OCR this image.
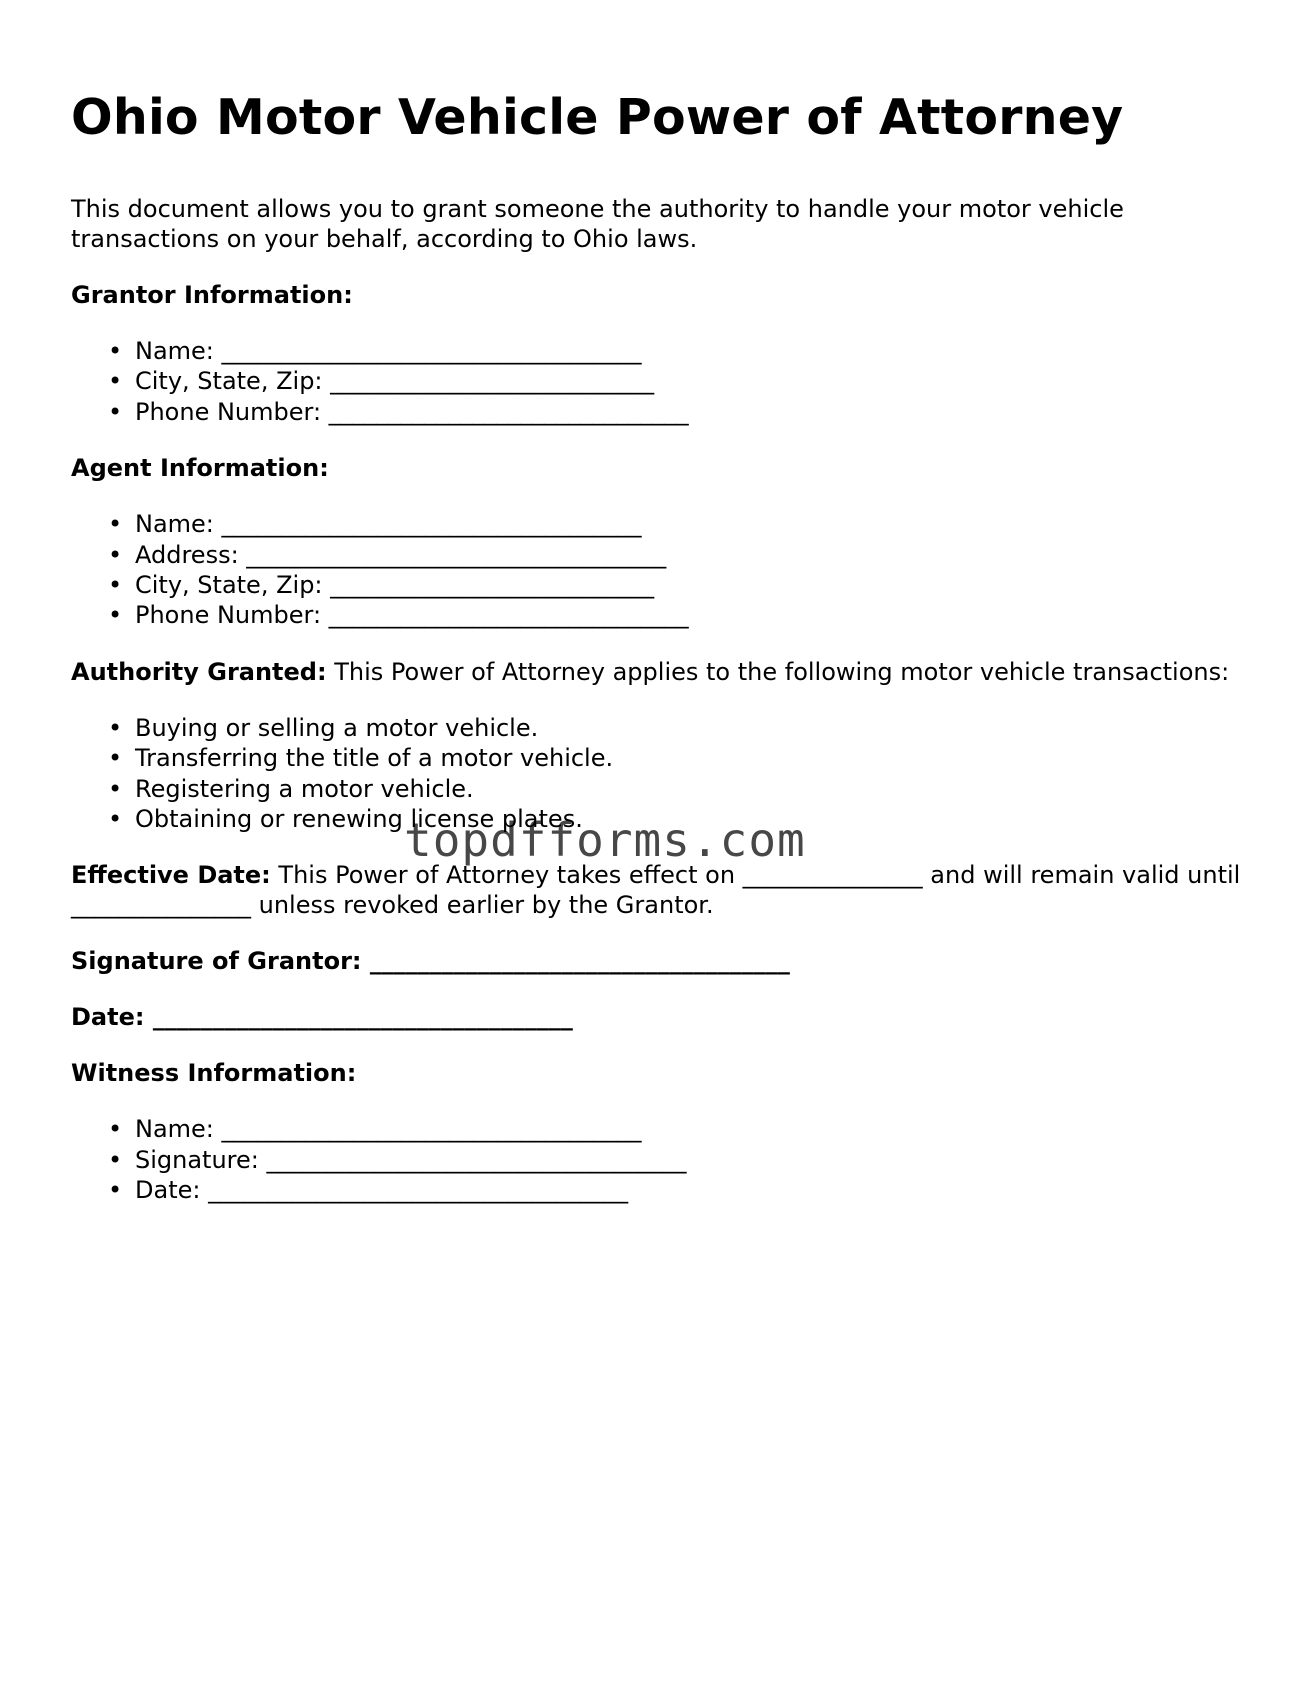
Ohio Motor Vehicle Power of Attorney

This document allows you to grant someone the authority to handle your motor vehicle transactions on your behalf, according to Ohio laws.

Grantor Information:

• Name: ___________________________________
• City, State, Zip: ___________________________
• Phone Number: ______________________________

Agent Information:

• Name: ___________________________________
• Address: ___________________________________
• City, State, Zip: ___________________________
• Phone Number: ______________________________

Authority Granted: This Power of Attorney applies to the following motor vehicle transactions:

• Buying or selling a motor vehicle.
• Transferring the title of a motor vehicle.
• Registering a motor vehicle.
• Obtaining or renewing license plates.

Effective Date: This Power of Attorney takes effect on _______________ and will remain valid until _______________ unless revoked earlier by the Grantor.

Signature of Grantor: ___________________________________

Date: ___________________________________

Witness Information:

• Name: ___________________________________
• Signature: ___________________________________
• Date: ___________________________________
topdfforms.com
